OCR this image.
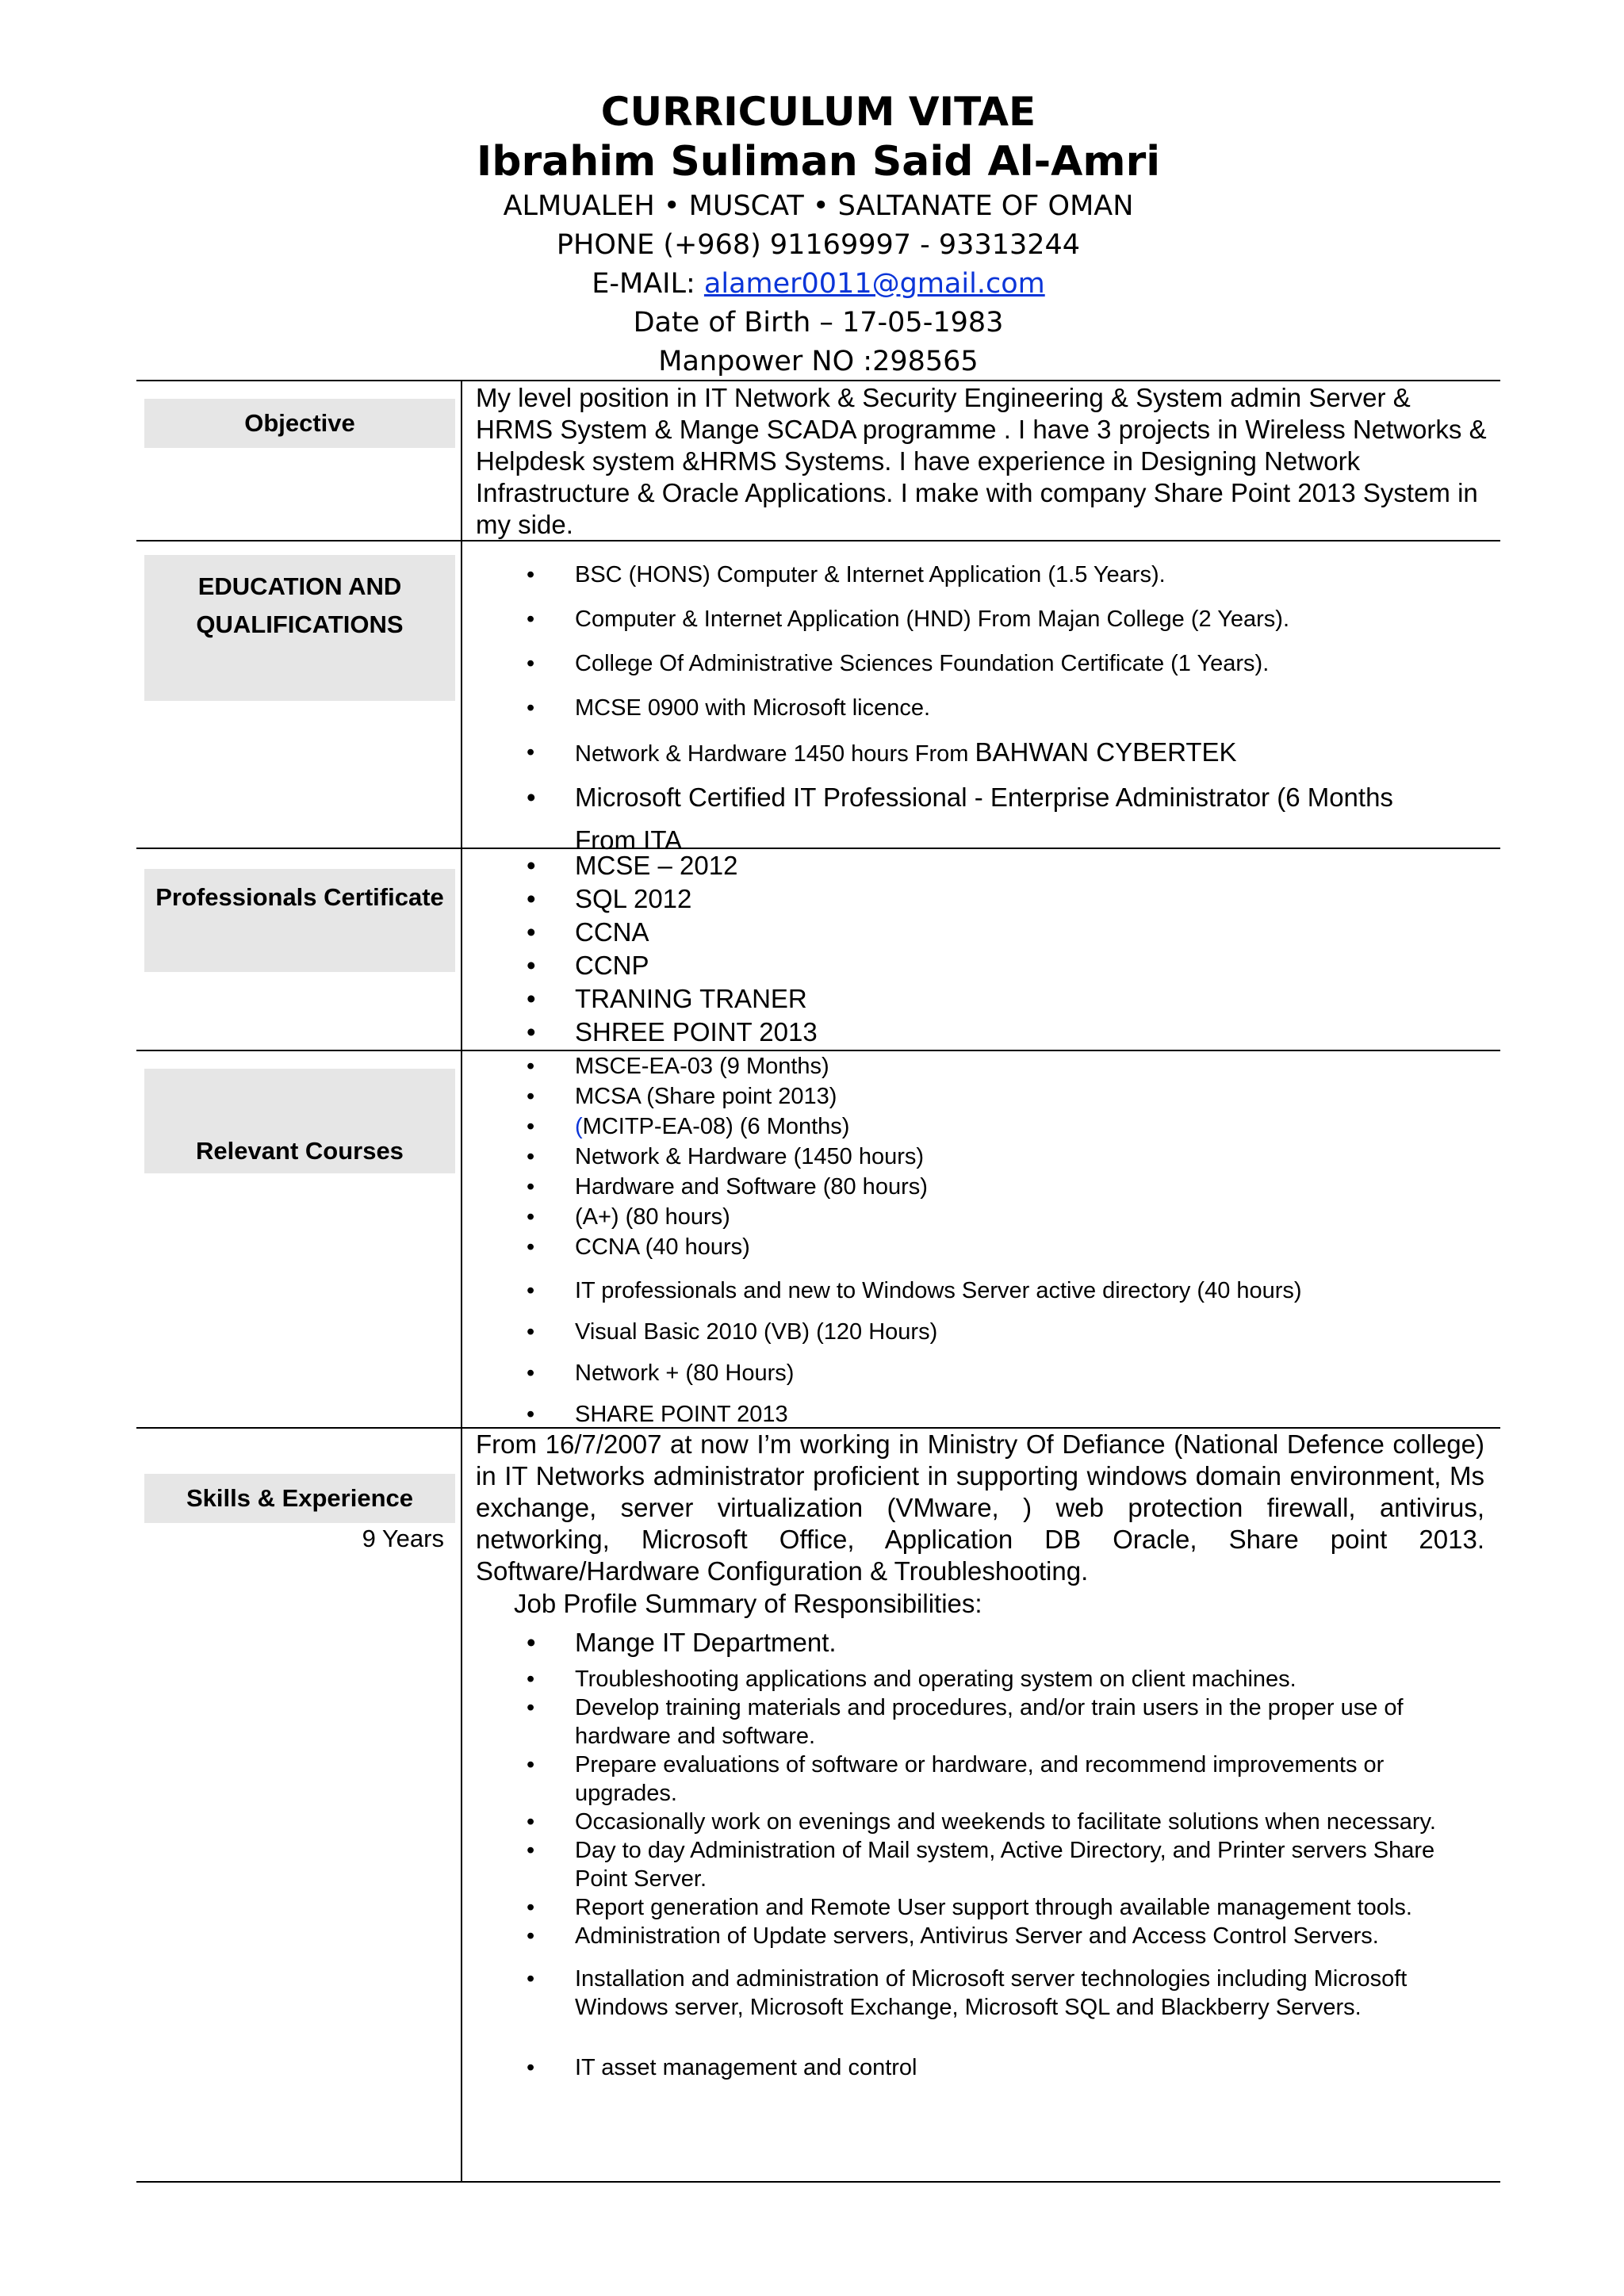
CURRICULUM VITAE
Ibrahim Suliman Said Al-Amri
ALMUALEH • MUSCAT • SALTANATE OF OMAN
PHONE (+968) 91169997 - 93313244
E-MAIL: alamer0011@gmail.com
Date of Birth – 17-05-1983
Manpower NO :298565
Objective

My level position in IT Network & Security Engineering & System admin Server & HRMS System & Mange SCADA programme . I have 3 projects in Wireless Networks & Helpdesk system &HRMS Systems. I have experience in Designing Network Infrastructure & Oracle Applications. I make with company Share Point 2013 System in my side.

EDUCATION AND
QUALIFICATIONS
• BSC (HONS) Computer & Internet Application (1.5 Years).
• Computer & Internet Application (HND) From Majan College (2 Years).
• College Of Administrative Sciences Foundation Certificate (1 Years).
• MCSE 0900 with Microsoft licence.
• Network & Hardware 1450 hours From BAHWAN CYBERTEK
• Microsoft Certified IT Professional - Enterprise Administrator (6 Months From ITA
Professionals Certificate
• MCSE – 2012
• SQL 2012
• CCNA
• CCNP
• TRANING TRANER
• SHREE POINT 2013
Relevant Courses
• MSCE-EA-03 (9 Months)
• MCSA (Share point 2013)
• (MCITP-EA-08) (6 Months)
• Network & Hardware (1450 hours)
• Hardware and Software (80 hours)
• (A+) (80 hours)
• CCNA (40 hours)
• IT professionals and new to Windows Server active directory (40 hours)
• Visual Basic 2010 (VB) (120 Hours)
• Network + (80 Hours)
• SHARE POINT 2013
Skills & Experience
9 Years

From 16/7/2007 at now I’m working in Ministry Of Defiance (National Defence college) in IT Networks administrator proficient in supporting windows domain environment, Ms exchange, server virtualization (VMware, ) web protection firewall, antivirus, networking, Microsoft Office, Application DB Oracle, Share point 2013. Software/Hardware Configuration & Troubleshooting.

Job Profile Summary of Responsibilities:
• Mange IT Department.
• Troubleshooting applications and operating system on client machines.
• Develop training materials and procedures, and/or train users in the proper use of hardware and software.
• Prepare evaluations of software or hardware, and recommend improvements or upgrades.
• Occasionally work on evenings and weekends to facilitate solutions when necessary.
• Day to day Administration of Mail system, Active Directory, and Printer servers Share Point Server.
• Report generation and Remote User support through available management tools.
• Administration of Update servers, Antivirus Server and Access Control Servers.
• Installation and administration of Microsoft server technologies including Microsoft Windows server, Microsoft Exchange, Microsoft SQL and Blackberry Servers.
• IT asset management and control
